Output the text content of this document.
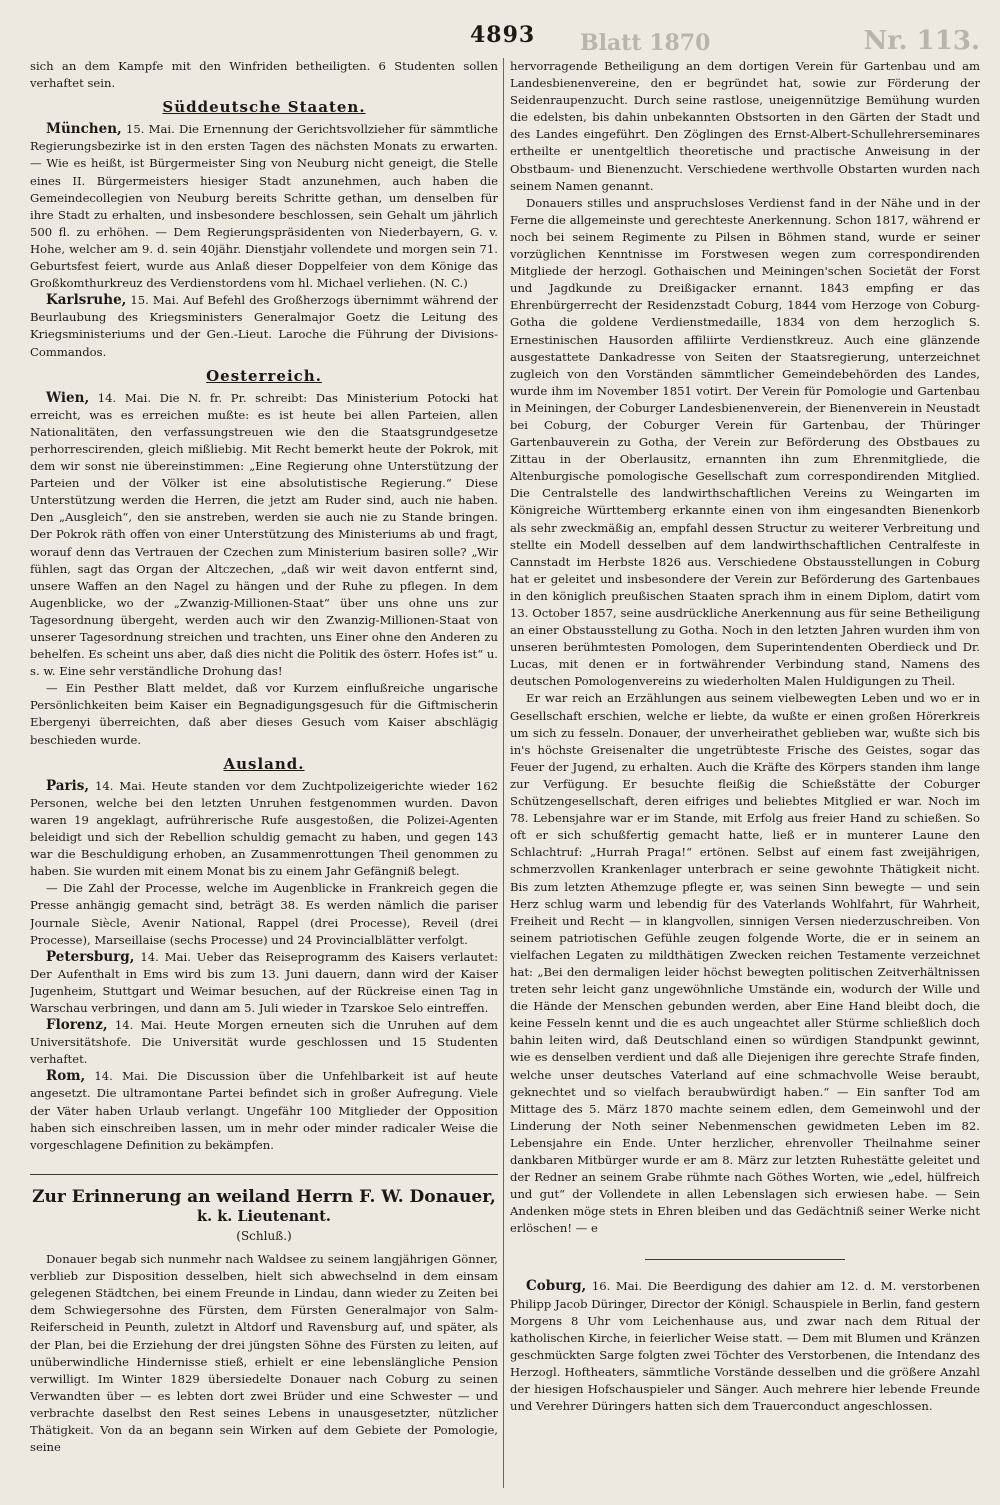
4893 Blatt 1870	Nr. 113.

sich an dem Kampfe mit den Winfriden betheiligten. 6 Studenten sollen verhaftet sein.

Süddeutsche Staaten.

München, 15. Mai. Die Ernennung der Gerichtsvollzieher für sämmtliche Regierungsbezirke ist in den ersten Tagen des nächsten Monats zu erwarten. — Wie es heißt, ist Bürgermeister Sing von Neuburg nicht geneigt, die Stelle eines II. Bürgermeisters hiesiger Stadt anzunehmen, auch haben die Gemeindecollegien von Neuburg bereits Schritte gethan, um denselben für ihre Stadt zu erhalten, und insbesondere beschlossen, sein Gehalt um jährlich 500 fl. zu erhöhen. — Dem Regierungspräsidenten von Niederbayern, G. v. Hohe, welcher am 9. d. sein 40jähr. Dienstjahr vollendete und morgen sein 71. Geburtsfest feiert, wurde aus Anlaß dieser Doppelfeier von dem Könige das Großkomthurkreuz des Verdienstordens vom hl. Michael verliehen. (N. C.)

Karlsruhe, 15. Mai. Auf Befehl des Großherzogs übernimmt während der Beurlaubung des Kriegsministers Generalmajor Goetz die Leitung des Kriegsministeriums und der Gen.-Lieut. Laroche die Führung der Divisions-Commandos.

Oesterreich.

Wien, 14. Mai. Die N. fr. Pr. schreibt: Das Ministerium Potocki hat erreicht, was es erreichen mußte: es ist heute bei allen Parteien, allen Nationalitäten, den verfassungstreuen wie den die Staatsgrundgesetze perhorrescirenden, gleich mißliebig. Mit Recht bemerkt heute der Pokrok, mit dem wir sonst nie übereinstimmen: „Eine Regierung ohne Unterstützung der Parteien und der Völker ist eine absolutistische Regierung.“ Diese Unterstützung werden die Herren, die jetzt am Ruder sind, auch nie haben. Den „Ausgleich“, den sie anstreben, werden sie auch nie zu Stande bringen. Der Pokrok räth offen von einer Unterstützung des Ministeriums ab und fragt, worauf denn das Vertrauen der Czechen zum Ministerium basiren solle? „Wir fühlen, sagt das Organ der Altczechen, „daß wir weit davon entfernt sind, unsere Waffen an den Nagel zu hängen und der Ruhe zu pflegen. In dem Augenblicke, wo der „Zwanzig-Millionen-Staat“ über uns ohne uns zur Tagesordnung übergeht, werden auch wir den Zwanzig-Millionen-Staat von unserer Tagesordnung streichen und trachten, uns Einer ohne den Anderen zu behelfen. Es scheint uns aber, daß dies nicht die Politik des österr. Hofes ist“ u. s. w. Eine sehr verständliche Drohung das!

— Ein Pesther Blatt meldet, daß vor Kurzem einflußreiche ungarische Persönlichkeiten beim Kaiser ein Begnadigungsgesuch für die Giftmischerin Ebergenyi überreichten, daß aber dieses Gesuch vom Kaiser abschlägig beschieden wurde.

Ausland.

Paris, 14. Mai. Heute standen vor dem Zuchtpolizeigerichte wieder 162 Personen, welche bei den letzten Unruhen festgenommen wurden. Davon waren 19 angeklagt, aufrührerische Rufe ausgestoßen, die Polizei-Agenten beleidigt und sich der Rebellion schuldig gemacht zu haben, und gegen 143 war die Beschuldigung erhoben, an Zusammenrottungen Theil genommen zu haben. Sie wurden mit einem Monat bis zu einem Jahr Gefängniß belegt.

— Die Zahl der Processe, welche im Augenblicke in Frankreich gegen die Presse anhängig gemacht sind, beträgt 38. Es werden nämlich die pariser Journale Siècle, Avenir National, Rappel (drei Processe), Reveil (drei Processe), Marseillaise (sechs Processe) und 24 Provincialblätter verfolgt.

Petersburg, 14. Mai. Ueber das Reiseprogramm des Kaisers verlautet: Der Aufenthalt in Ems wird bis zum 13. Juni dauern, dann wird der Kaiser Jugenheim, Stuttgart und Weimar besuchen, auf der Rückreise einen Tag in Warschau verbringen, und dann am 5. Juli wieder in Tzarskoe Selo eintreffen.

Florenz, 14. Mai. Heute Morgen erneuten sich die Unruhen auf dem Universitätshofe. Die Universität wurde geschlossen und 15 Studenten verhaftet.

Rom, 14. Mai. Die Discussion über die Unfehlbarkeit ist auf heute angesetzt. Die ultramontane Partei befindet sich in großer Aufregung. Viele der Väter haben Urlaub verlangt. Ungefähr 100 Mitglieder der Opposition haben sich einschreiben lassen, um in mehr oder minder radicaler Weise die vorgeschlagene Definition zu bekämpfen.

Zur Erinnerung an weiland Herrn F. W. Donauer,
k. k. Lieutenant.
(Schluß.)

Donauer begab sich nunmehr nach Waldsee zu seinem langjährigen Gönner, verblieb zur Disposition desselben, hielt sich abwechselnd in dem einsam gelegenen Städtchen, bei einem Freunde in Lindau, dann wieder zu Zeiten bei dem Schwiegersohne des Fürsten, dem Fürsten Generalmajor von Salm-Reiferscheid in Peunth, zuletzt in Altdorf und Ravensburg auf, und später, als der Plan, bei die Erziehung der drei jüngsten Söhne des Fürsten zu leiten, auf unüberwindliche Hindernisse stieß, erhielt er eine lebenslängliche Pension verwilligt. Im Winter 1829 übersiedelte Donauer nach Coburg zu seinen Verwandten über — es lebten dort zwei Brüder und eine Schwester — und verbrachte daselbst den Rest seines Lebens in unausgesetzter, nützlicher Thätigkeit. Von da an begann sein Wirken auf dem Gebiete der Pomologie, seine

hervorragende Betheiligung an dem dortigen Verein für Gartenbau und am Landesbienenvereine, den er begründet hat, sowie zur Förderung der Seidenraupenzucht. Durch seine rastlose, uneigennützige Bemühung wurden die edelsten, bis dahin unbekannten Obstsorten in den Gärten der Stadt und des Landes eingeführt. Den Zöglingen des Ernst-Albert-Schullehrerseminares ertheilte er unentgeltlich theoretische und practische Anweisung in der Obstbaum- und Bienenzucht. Verschiedene werthvolle Obstarten wurden nach seinem Namen genannt.

Donauers stilles und anspruchsloses Verdienst fand in der Nähe und in der Ferne die allgemeinste und gerechteste Anerkennung. Schon 1817, während er noch bei seinem Regimente zu Pilsen in Böhmen stand, wurde er seiner vorzüglichen Kenntnisse im Forstwesen wegen zum correspondirenden Mitgliede der herzogl. Gothaischen und Meiningen'schen Societät der Forst und Jagdkunde zu Dreißigacker ernannt. 1843 empfing er das Ehrenbürgerrecht der Residenzstadt Coburg, 1844 vom Herzoge von Coburg-Gotha die goldene Verdienstmedaille, 1834 von dem herzoglich S. Ernestinischen Hausorden affiliirte Verdienstkreuz. Auch eine glänzende ausgestattete Dankadresse von Seiten der Staatsregierung, unterzeichnet zugleich von den Vorständen sämmtlicher Gemeindebehörden des Landes, wurde ihm im November 1851 votirt. Der Verein für Pomologie und Gartenbau in Meiningen, der Coburger Landesbienenverein, der Bienenverein in Neustadt bei Coburg, der Coburger Verein für Gartenbau, der Thüringer Gartenbauverein zu Gotha, der Verein zur Beförderung des Obstbaues zu Zittau in der Oberlausitz, ernannten ihn zum Ehrenmitgliede, die Altenburgische pomologische Gesellschaft zum correspondirenden Mitglied. Die Centralstelle des landwirthschaftlichen Vereins zu Weingarten im Königreiche Württemberg erkannte einen von ihm eingesandten Bienenkorb als sehr zweckmäßig an, empfahl dessen Structur zu weiterer Verbreitung und stellte ein Modell desselben auf dem landwirthschaftlichen Centralfeste in Cannstadt im Herbste 1826 aus. Verschiedene Obstausstellungen in Coburg hat er geleitet und insbesondere der Verein zur Beförderung des Gartenbaues in den königlich preußischen Staaten sprach ihm in einem Diplom, datirt vom 13. October 1857, seine ausdrückliche Anerkennung aus für seine Betheiligung an einer Obstausstellung zu Gotha. Noch in den letzten Jahren wurden ihm von unseren berühmtesten Pomologen, dem Superintendenten Oberdieck und Dr. Lucas, mit denen er in fortwährender Verbindung stand, Namens des deutschen Pomologenvereins zu wiederholten Malen Huldigungen zu Theil.

Er war reich an Erzählungen aus seinem vielbewegten Leben und wo er in Gesellschaft erschien, welche er liebte, da wußte er einen großen Hörerkreis um sich zu fesseln. Donauer, der unverheirathet geblieben war, wußte sich bis in's höchste Greisenalter die ungetrübteste Frische des Geistes, sogar das Feuer der Jugend, zu erhalten. Auch die Kräfte des Körpers standen ihm lange zur Verfügung. Er besuchte fleißig die Schießstätte der Coburger Schützengesellschaft, deren eifriges und beliebtes Mitglied er war. Noch im 78. Lebensjahre war er im Stande, mit Erfolg aus freier Hand zu schießen. So oft er sich schußfertig gemacht hatte, ließ er in munterer Laune den Schlachtruf: „Hurrah Praga!“ ertönen. Selbst auf einem fast zweijährigen, schmerzvollen Krankenlager unterbrach er seine gewohnte Thätigkeit nicht. Bis zum letzten Athemzuge pflegte er, was seinen Sinn bewegte — und sein Herz schlug warm und lebendig für des Vaterlands Wohlfahrt, für Wahrheit, Freiheit und Recht — in klangvollen, sinnigen Versen niederzuschreiben. Von seinem patriotischen Gefühle zeugen folgende Worte, die er in seinem an vielfachen Legaten zu mildthätigen Zwecken reichen Testamente verzeichnet hat: „Bei den dermaligen leider höchst bewegten politischen Zeitverhältnissen treten sehr leicht ganz ungewöhnliche Umstände ein, wodurch der Wille und die Hände der Menschen gebunden werden, aber Eine Hand bleibt doch, die keine Fesseln kennt und die es auch ungeachtet aller Stürme schließlich doch bahin leiten wird, daß Deutschland einen so würdigen Standpunkt gewinnt, wie es denselben verdient und daß alle Diejenigen ihre gerechte Strafe finden, welche unser deutsches Vaterland auf eine schmachvolle Weise beraubt, geknechtet und so vielfach beraubwürdigt haben.“ — Ein sanfter Tod am Mittage des 5. März 1870 machte seinem edlen, dem Gemeinwohl und der Linderung der Noth seiner Nebenmenschen gewidmeten Leben im 82. Lebensjahre ein Ende. Unter herzlicher, ehrenvoller Theilnahme seiner dankbaren Mitbürger wurde er am 8. März zur letzten Ruhestätte geleitet und der Redner an seinem Grabe rühmte nach Göthes Worten, wie „edel, hülfreich und gut“ der Vollendete in allen Lebenslagen sich erwiesen habe. — Sein Andenken möge stets in Ehren bleiben und das Gedächtniß seiner Werke nicht erlöschen! — e

Coburg, 16. Mai. Die Beerdigung des dahier am 12. d. M. verstorbenen Philipp Jacob Düringer, Director der Königl. Schauspiele in Berlin, fand gestern Morgens 8 Uhr vom Leichenhause aus, und zwar nach dem Ritual der katholischen Kirche, in feierlicher Weise statt. — Dem mit Blumen und Kränzen geschmückten Sarge folgten zwei Töchter des Verstorbenen, die Intendanz des Herzogl. Hoftheaters, sämmtliche Vorstände desselben und die größere Anzahl der hiesigen Hofschauspieler und Sänger. Auch mehrere hier lebende Freunde und Verehrer Düringers hatten sich dem Trauerconduct angeschlossen.
